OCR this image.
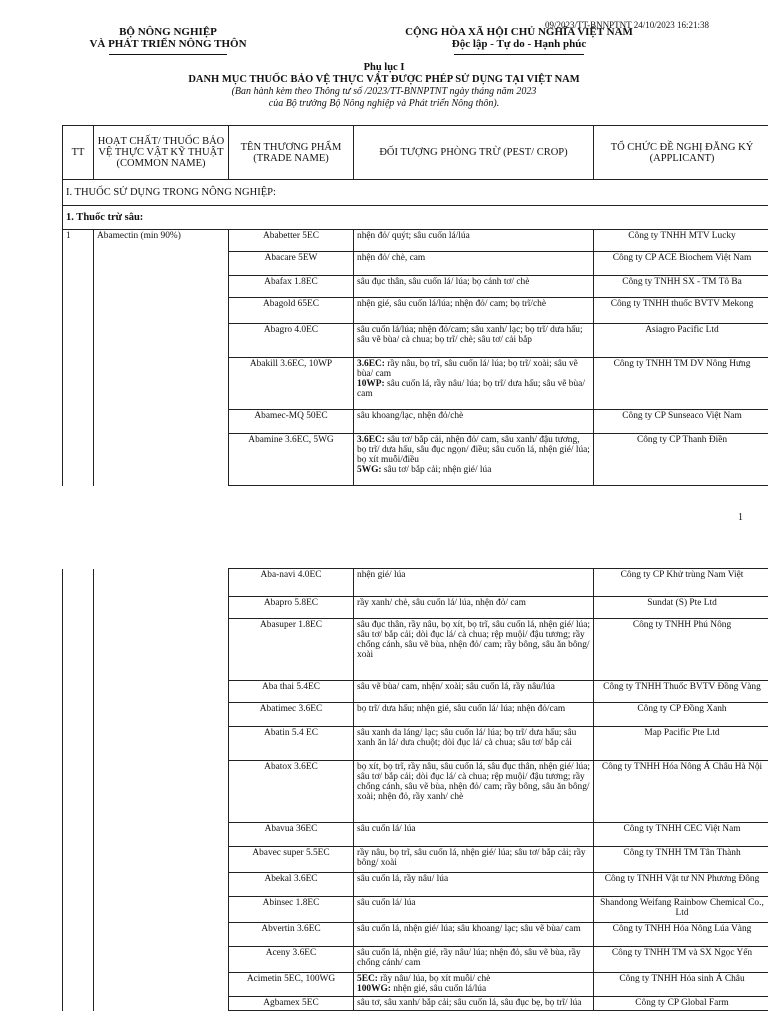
09/2023/TT-BNNPTNT 24/10/2023 16:21:38
BỘ NÔNG NGHIỆP
VÀ PHÁT TRIỂN NÔNG THÔN
CỘNG HÒA XÃ HỘI CHỦ NGHĨA VIỆT NAM
Độc lập - Tự do - Hạnh phúc
Phụ lục I
DANH MỤC THUỐC BẢO VỆ THỰC VẬT ĐƯỢC PHÉP SỬ DỤNG TẠI VIỆT NAM
(Ban hành kèm theo Thông tư số /2023/TT-BNNPTNT ngày tháng năm 2023
của Bộ trưởng Bộ Nông nghiệp và Phát triển Nông thôn).
TT	HOẠT CHẤT/ THUỐC BẢO VỆ THỰC VẬT KỸ THUẬT (COMMON NAME)	TÊN THƯƠNG PHẨM (TRADE NAME)	ĐỐI TƯỢNG PHÒNG TRỪ (PEST/ CROP)	TỔ CHỨC ĐỀ NGHỊ ĐĂNG KÝ (APPLICANT)
I. THUỐC SỬ DỤNG TRONG NÔNG NGHIỆP:				
1. Thuốc trừ sâu:				
1	Abamectin (min 90%)	Ababetter 5EC	nhện đỏ/ quýt; sâu cuốn lá/lúa	Công ty TNHH MTV Lucky
		Abacare 5EW	nhện đỏ/ chè, cam	Công ty CP ACE Biochem Việt Nam
		Abafax 1.8EC	sâu đục thân, sâu cuốn lá/ lúa; bọ cánh tơ/ chè	Công ty TNHH SX - TM Tô Ba
		Abagold 65EC	nhện gié, sâu cuốn lá/lúa; nhện đỏ/ cam; bọ trĩ/chè	Công ty TNHH thuốc BVTV Mekong
		Abagro 4.0EC	sâu cuốn lá/lúa; nhện đỏ/cam; sâu xanh/ lạc; bọ trĩ/ dưa hấu; sâu vẽ bùa/ cà chua; bọ trĩ/ chè; sâu tơ/ cải bắp	Asiagro Pacific Ltd
		Abakill 3.6EC, 10WP	3.6EC: rầy nâu, bọ trĩ, sâu cuốn lá/ lúa; bọ trĩ/ xoài; sâu vẽ bùa/ cam
10WP: sâu cuốn lá, rầy nâu/ lúa; bọ trĩ/ dưa hấu; sâu vẽ bùa/ cam	Công ty TNHH TM DV Nông Hưng
		Abamec-MQ 50EC	sâu khoang/lạc, nhện đỏ/chè	Công ty CP Sunseaco Việt Nam
		Abamine 3.6EC, 5WG	3.6EC: sâu tơ/ bắp cải, nhện đỏ/ cam, sâu xanh/ đậu tương, bọ trĩ/ dưa hấu, sâu đục ngọn/ điều; sâu cuốn lá, nhện gié/ lúa; bọ xít muỗi/điều
5WG: sâu tơ/ bắp cải; nhện gié/ lúa	Công ty CP Thanh Điền
1
		Aba-navi 4.0EC	nhện gié/ lúa	Công ty CP Khử trùng Nam Việt
		Abapro 5.8EC	rầy xanh/ chè, sâu cuốn lá/ lúa, nhện đỏ/ cam	Sundat (S) Pte Ltd
		Abasuper 1.8EC	sâu đục thân, rầy nâu, bọ xít, bọ trĩ, sâu cuốn lá, nhện gié/ lúa; sâu tơ/ bắp cải; dòi đục lá/ cà chua; rệp muội/ đậu tương; rầy chổng cánh, sâu vẽ bùa, nhện đỏ/ cam; rầy bông, sâu ăn bông/ xoài	Công ty TNHH Phú Nông
		Aba thai 5.4EC	sâu vẽ bùa/ cam, nhện/ xoài; sâu cuốn lá, rầy nâu/lúa	Công ty TNHH Thuốc BVTV Đồng Vàng
		Abatimec 3.6EC	bọ trĩ/ dưa hấu; nhện gié, sâu cuốn lá/ lúa; nhện đỏ/cam	Công ty CP Đồng Xanh
		Abatin 5.4 EC	sâu xanh da láng/ lạc; sâu cuốn lá/ lúa; bọ trĩ/ dưa hấu; sâu xanh ăn lá/ dưa chuột; dòi đục lá/ cà chua; sâu tơ/ bắp cải	Map Pacific Pte Ltd
		Abatox 3.6EC	bọ xít, bọ trĩ, rầy nâu, sâu cuốn lá, sâu đục thân, nhện gié/ lúa; sâu tơ/ bắp cải; dòi đục lá/ cà chua; rệp muội/ đậu tương; rầy chổng cánh, sâu vẽ bùa, nhện đỏ/ cam; rầy bông, sâu ăn bông/ xoài; nhện đỏ, rầy xanh/ chè	Công ty TNHH Hóa Nông Á Châu Hà Nội
		Abavua 36EC	sâu cuốn lá/ lúa	Công ty TNHH CEC Việt Nam
		Abavec super 5.5EC	rầy nâu, bọ trĩ, sâu cuốn lá, nhện gié/ lúa; sâu tơ/ bắp cải; rầy bông/ xoài	Công ty TNHH TM Tân Thành
		Abekal 3.6EC	sâu cuốn lá, rầy nâu/ lúa	Công ty TNHH Vật tư NN Phương Đông
		Abinsec 1.8EC	sâu cuốn lá/ lúa	Shandong Weifang Rainbow Chemical Co., Ltd
		Abvertin 3.6EC	sâu cuốn lá, nhện gié/ lúa; sâu khoang/ lạc; sâu vẽ bùa/ cam	Công ty TNHH Hóa Nông Lúa Vàng
		Aceny 3.6EC	sâu cuốn lá, nhện gié, rầy nâu/ lúa; nhện đỏ, sâu vẽ bùa, rầy chổng cánh/ cam	Công ty TNHH TM và SX Ngọc Yến
		Acimetin 5EC, 100WG	5EC: rầy nâu/ lúa, bọ xít muỗi/ chè
100WG: nhện gié, sâu cuốn lá/lúa	Công ty TNHH Hóa sinh Á Châu
		Agbamex 5EC	sâu tơ, sâu xanh/ bắp cải; sâu cuốn lá, sâu đục bẹ, bọ trĩ/ lúa	Công ty CP Global Farm
